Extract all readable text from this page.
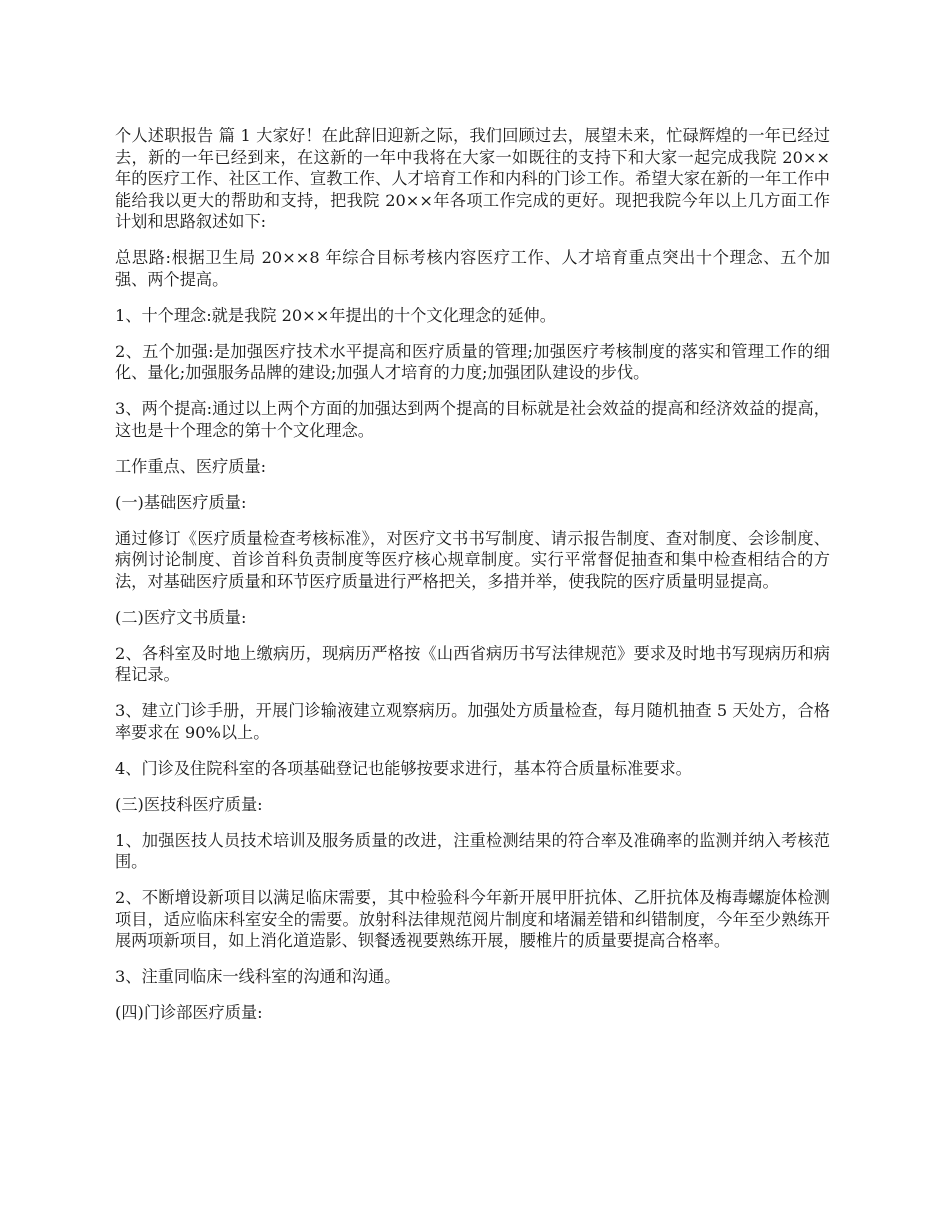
个人述职报告 篇 1 大家好！在此辞旧迎新之际，我们回顾过去，展望未来，忙碌辉煌的一年已经过去，新的一年已经到来，在这新的一年中我将在大家一如既往的支持下和大家一起完成我院 20××年的医疗工作、社区工作、宣教工作、人才培育工作和内科的门诊工作。希望大家在新的一年工作中能给我以更大的帮助和支持，把我院 20××年各项工作完成的更好。现把我院今年以上几方面工作计划和思路叙述如下:

总思路:根据卫生局 20××8 年综合目标考核内容医疗工作、人才培育重点突出十个理念、五个加强、两个提高。

1、十个理念:就是我院 20××年提出的十个文化理念的延伸。

2、五个加强:是加强医疗技术水平提高和医疗质量的管理;加强医疗考核制度的落实和管理工作的细化、量化;加强服务品牌的建设;加强人才培育的力度;加强团队建设的步伐。

3、两个提高:通过以上两个方面的加强达到两个提高的目标就是社会效益的提高和经济效益的提高，这也是十个理念的第十个文化理念。

工作重点、医疗质量:

(一)基础医疗质量:

通过修订《医疗质量检查考核标准》，对医疗文书书写制度、请示报告制度、查对制度、会诊制度、病例讨论制度、首诊首科负责制度等医疗核心规章制度。实行平常督促抽查和集中检查相结合的方法，对基础医疗质量和环节医疗质量进行严格把关，多措并举，使我院的医疗质量明显提高。

(二)医疗文书质量:

2、各科室及时地上缴病历，现病历严格按《山西省病历书写法律规范》要求及时地书写现病历和病程记录。

3、建立门诊手册，开展门诊输液建立观察病历。加强处方质量检查，每月随机抽查 5 天处方，合格率要求在 90%以上。

4、门诊及住院科室的各项基础登记也能够按要求进行，基本符合质量标准要求。

(三)医技科医疗质量:

1、加强医技人员技术培训及服务质量的改进，注重检测结果的符合率及准确率的监测并纳入考核范围。

2、不断增设新项目以满足临床需要，其中检验科今年新开展甲肝抗体、乙肝抗体及梅毒螺旋体检测项目，适应临床科室安全的需要。放射科法律规范阅片制度和堵漏差错和纠错制度，今年至少熟练开展两项新项目，如上消化道造影、钡餐透视要熟练开展，腰椎片的质量要提高合格率。

3、注重同临床一线科室的沟通和沟通。

(四)门诊部医疗质量:
